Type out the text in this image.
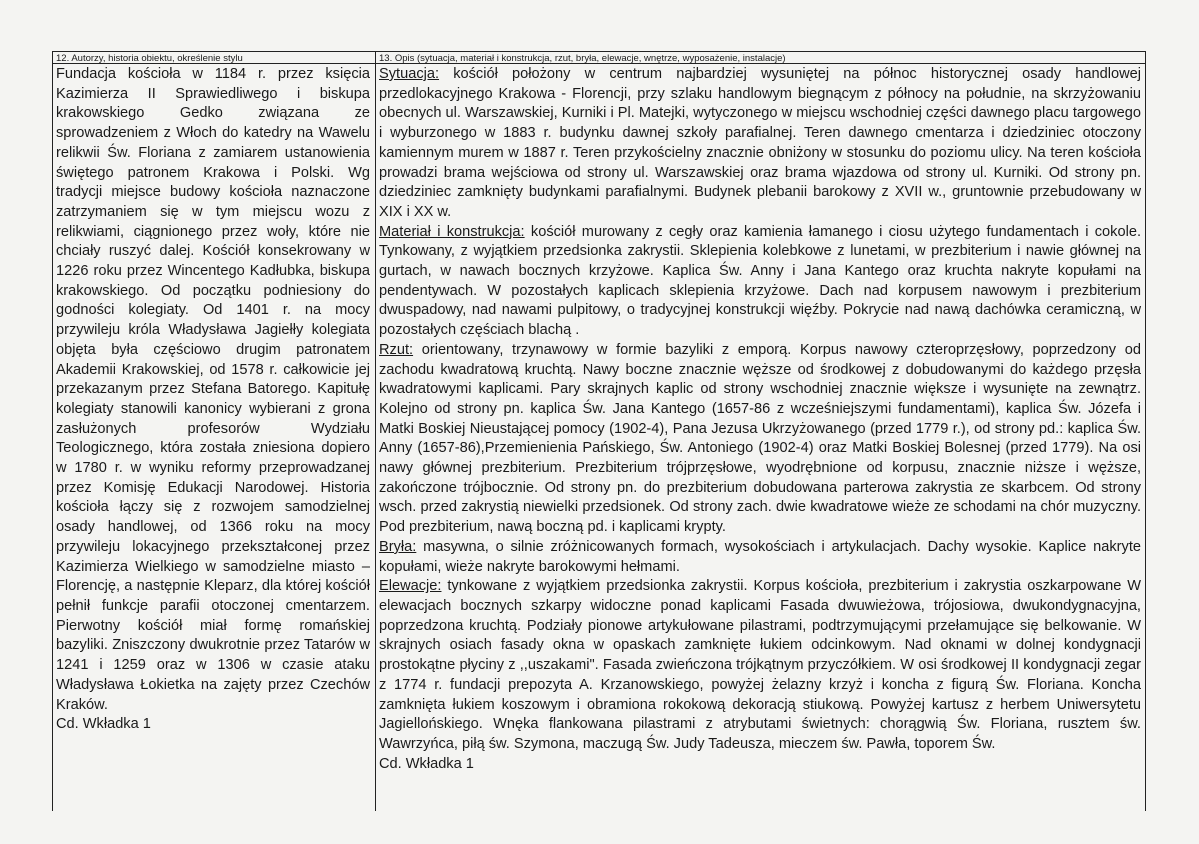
12. Autorzy, historia obiektu, określenie stylu	13. Opis (sytuacja, materiał i konstrukcja, rzut, bryła, elewacje, wnętrze, wyposażenie, instalacje)

Fundacja kościoła w 1184 r. przez księcia Kazimierza II Sprawiedliwego i biskupa krakowskiego Gedko związana ze sprowadzeniem z Włoch do katedry na Wawelu relikwii Św. Floriana z zamiarem ustanowienia świętego patronem Krakowa i Polski. Wg tradycji miejsce budowy kościoła naznaczone zatrzymaniem się w tym miejscu wozu z relikwiami, ciągnionego przez woły, które nie chciały ruszyć dalej. Kościół konsekrowany w 1226 roku przez Wincentego Kadłubka, biskupa krakowskiego. Od początku podniesiony do godności kolegiaty. Od 1401 r. na mocy przywileju króla Władysława Jagiełły kolegiata objęta była częściowo drugim patronatem Akademii Krakowskiej, od 1578 r. całkowicie jej przekazanym przez Stefana Batorego. Kapitułę kolegiaty stanowili kanonicy wybierani z grona zasłużonych profesorów Wydziału Teologicznego, która została zniesiona dopiero w 1780 r. w wyniku reformy przeprowadzanej przez Komisję Edukacji Narodowej. Historia kościoła łączy się z rozwojem samodzielnej osady handlowej, od 1366 roku na mocy przywileju lokacyjnego przekształconej przez Kazimierza Wielkiego w samodzielne miasto – Florencję, a następnie Kleparz, dla której kościół pełnił funkcje parafii otoczonej cmentarzem. Pierwotny kościół miał formę romańskiej bazyliki. Zniszczony dwukrotnie przez Tatarów w 1241 i 1259 oraz w 1306 w czasie ataku Władysława Łokietka na zajęty przez Czechów Kraków.

Cd. Wkładka 1

Sytuacja: kościół położony w centrum najbardziej wysuniętej na północ historycznej osady handlowej przedlokacyjnego Krakowa - Florencji, przy szlaku handlowym biegnącym z północy na południe, na skrzyżowaniu obecnych ul. Warszawskiej, Kurniki i Pl. Matejki, wytyczonego w miejscu wschodniej części dawnego placu targowego i wyburzonego w 1883 r. budynku dawnej szkoły parafialnej. Teren dawnego cmentarza i dziedziniec otoczony kamiennym murem w 1887 r. Teren przykościelny znacznie obniżony w stosunku do poziomu ulicy. Na teren kościoła prowadzi brama wejściowa od strony ul. Warszawskiej oraz brama wjazdowa od strony ul. Kurniki. Od strony pn. dziedziniec zamknięty budynkami parafialnymi. Budynek plebanii barokowy z XVII w., gruntownie przebudowany w XIX i XX w.

Materiał i konstrukcja: kościół murowany z cegły oraz kamienia łamanego i ciosu użytego fundamentach i cokole. Tynkowany, z wyjątkiem przedsionka zakrystii. Sklepienia kolebkowe z lunetami, w prezbiterium i nawie głównej na gurtach, w nawach bocznych krzyżowe. Kaplica Św. Anny i Jana Kantego oraz kruchta nakryte kopułami na pendentywach. W pozostałych kaplicach sklepienia krzyżowe. Dach nad korpusem nawowym i prezbiterium dwuspadowy, nad nawami pulpitowy, o tradycyjnej konstrukcji więźby. Pokrycie nad nawą dachówka ceramiczną, w pozostałych częściach blachą .

Rzut: orientowany, trzynawowy w formie bazyliki z emporą. Korpus nawowy czteroprzęsłowy, poprzedzony od zachodu kwadratową kruchtą. Nawy boczne znacznie węższe od środkowej z dobudowanymi do każdego przęsła kwadratowymi kaplicami. Pary skrajnych kaplic od strony wschodniej znacznie większe i wysunięte na zewnątrz. Kolejno od strony pn. kaplica Św. Jana Kantego (1657-86 z wcześniejszymi fundamentami), kaplica Św. Józefa i Matki Boskiej Nieustającej pomocy (1902-4), Pana Jezusa Ukrzyżowanego (przed 1779 r.), od strony pd.: kaplica Św. Anny (1657-86),Przemienienia Pańskiego, Św. Antoniego (1902-4) oraz Matki Boskiej Bolesnej (przed 1779). Na osi nawy głównej prezbiterium. Prezbiterium trójprzęsłowe, wyodrębnione od korpusu, znacznie niższe i węższe, zakończone trójbocznie. Od strony pn. do prezbiterium dobudowana parterowa zakrystia ze skarbcem. Od strony wsch. przed zakrystią niewielki przedsionek. Od strony zach. dwie kwadratowe wieże ze schodami na chór muzyczny. Pod prezbiterium, nawą boczną pd. i kaplicami krypty.

Bryła: masywna, o silnie zróżnicowanych formach, wysokościach i artykulacjach. Dachy wysokie. Kaplice nakryte kopułami, wieże nakryte barokowymi hełmami.

Elewacje: tynkowane z wyjątkiem przedsionka zakrystii. Korpus kościoła, prezbiterium i zakrystia oszkarpowane W elewacjach bocznych szkarpy widoczne ponad kaplicami Fasada dwuwieżowa, trójosiowa, dwukondygnacyjna, poprzedzona kruchtą. Podziały pionowe artykułowane pilastrami, podtrzymującymi przełamujące się belkowanie. W skrajnych osiach fasady okna w opaskach zamknięte łukiem odcinkowym. Nad oknami w dolnej kondygnacji prostokątne płyciny z ,,uszakami". Fasada zwieńczona trójkątnym przyczółkiem. W osi środkowej II kondygnacji zegar z 1774 r. fundacji prepozyta A. Krzanowskiego, powyżej żelazny krzyż i koncha z figurą Św. Floriana. Koncha zamknięta łukiem koszowym i obramiona rokokową dekoracją stiukową. Powyżej kartusz z herbem Uniwersytetu Jagiellońskiego. Wnęka flankowana pilastrami z atrybutami świetnych: chorągwią Św. Floriana, rusztem św. Wawrzyńca, piłą św. Szymona, maczugą Św. Judy Tadeusza, mieczem św. Pawła, toporem Św.

Cd. Wkładka 1
